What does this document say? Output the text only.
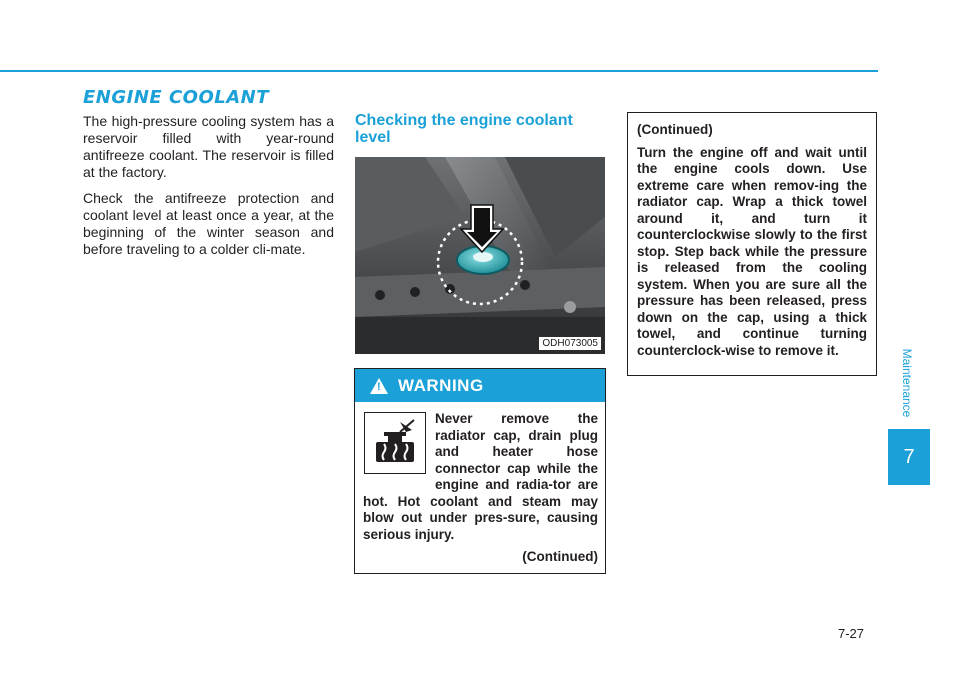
ENGINE COOLANT

The high-pressure cooling system has a reservoir filled with year-round antifreeze coolant. The reservoir is filled at the factory.

Check the antifreeze protection and coolant level at least once a year, at the beginning of the winter season and before traveling to a colder cli-mate.

Checking the engine coolant level
ODH073005
! WARNING
Never remove the radiator cap, drain plug and heater hose connector cap while the engine and radia-tor are hot. Hot coolant and steam may blow out under pres-sure, causing serious injury.
(Continued)

(Continued)

Turn the engine off and wait until the engine cools down. Use extreme care when remov-ing the radiator cap. Wrap a thick towel around it, and turn it counterclockwise slowly to the first stop. Step back while the pressure is released from the cooling system. When you are sure all the pressure has been released, press down on the cap, using a thick towel, and continue turning counterclock-wise to remove it.	Maintenance
7
7-27
